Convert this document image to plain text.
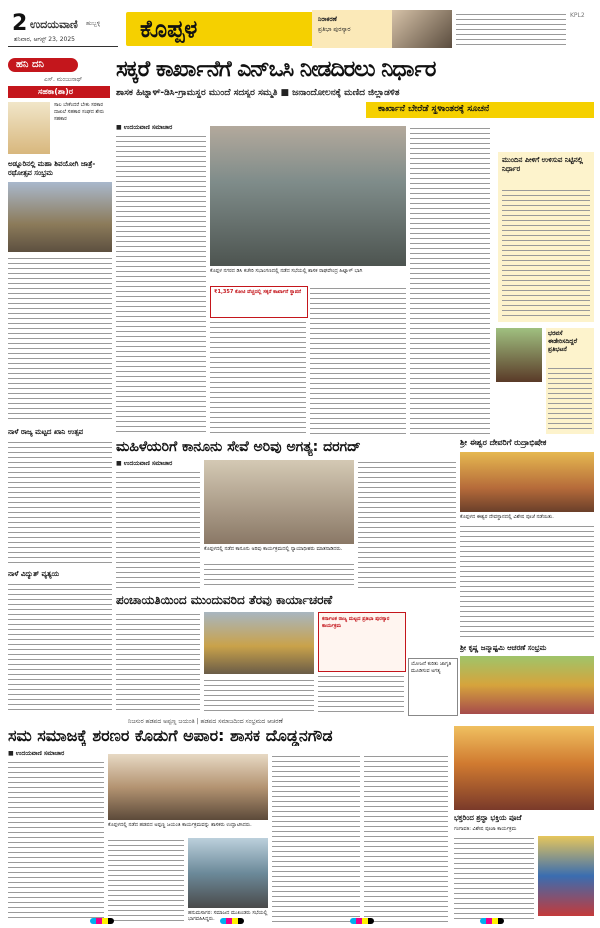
2 ಉದಯವಾಣಿ ಹುಬ್ಬಳ್ಳಿ
ಶನಿವಾರ, ಆಗಸ್ಟ್ 23, 2025	ಕೊಪ್ಪಳ	ನಿರಾಕರಣೆ
ಪ್ರತಿಭಾ ಪುರಸ್ಕಾರ
KPL2
ಹನಿ ದನಿ
ಎಸ್. ಮಂಜುನಾಥ್
ಸಹಕಾ(ಶಾ)ರ
ಸಾಲ ಬೇಕೆಂದರೆ ಬೇಕು ಸರಕಾರ ದಾಖಲೆ ಸಹಕಾರ ಸಂಘದ ಶೇರು ಸಹಕಾರ
ಅಡ್ನೂರಿನಲ್ಲಿ ಮಹಾ ಶಿವಯೋಗಿ ಜಾತ್ರೆ-ರಥೋತ್ಸವ ಸಂಭ್ರಮ
ನಾಳೆ ರಾಜ್ಯ ಮಟ್ಟದ ಖಾನಿ ಉತ್ಸವ
ನಾಳೆ ವಿದ್ಯುತ್ ವ್ಯತ್ಯಯ
ಸಕ್ಕರೆ ಕಾರ್ಖಾನೆಗೆ ಎನ್‌ಒಸಿ ನೀಡದಿರಲು ನಿರ್ಧಾರ
ಶಾಸಕ ಹಿಟ್ನಾಳ್-ಡಿಸಿ-ಗ್ರಾಮಸ್ಥರ ಮುಂದೆ ಸದಸ್ಯರ ಸಮ್ಮತಿ ■ ಜನಾಂದೋಲನಕ್ಕೆ ಮಣಿದ ಜಿಲ್ಲಾಡಳಿತ
ಕಾರ್ಖಾನೆ ಬೇರೆಡೆ ಸ್ಥಳಾಂತರಕ್ಕೆ ಸೂಚನೆ
■ ಉದಯವಾಣಿ ಸಮಾಚಾರ
ಕೊಪ್ಪಳ ನಗರದ ಡಿಸಿ ಕಚೇರಿ ಸಭಾಂಗಣದಲ್ಲಿ ನಡೆದ ಸಭೆಯಲ್ಲಿ ಶಾಸಕ ರಾಘವೇಂದ್ರ ಹಿಟ್ನಾಳ್ ಭಾಗಿ
₹1,357 ಕೋಟಿ ವೆಚ್ಚದಲ್ಲಿ ಸಕ್ಕರೆ ಕಾರ್ಖಾನೆ ಸ್ಥಾಪನೆ
ಮುಂದಿನ ಪೀಳಿಗೆ ಉಳಿಸುವ ನಿಟ್ಟಿನಲ್ಲಿ ನಿರ್ಧಾರ
ಭರವಸೆ ಈಡೇರಿಸದಿದ್ದರೆ ಪ್ರತಿಭಟನೆ
ಮಹಿಳೆಯರಿಗೆ ಕಾನೂನು ಸೇವೆ ಅರಿವು ಅಗತ್ಯ: ದರಗದ್
■ ಉದಯವಾಣಿ ಸಮಾಚಾರ
ಕೊಪ್ಪಳದಲ್ಲಿ ನಡೆದ ಕಾನೂನು ಅರಿವು ಕಾರ್ಯಕ್ರಮದಲ್ಲಿ ನ್ಯಾಯಾಧೀಶರು ಮಾತನಾಡಿದರು.
ಪಂಚಾಯತಿಯಿಂದ ಮುಂದುವರಿದ ತೆರವು ಕಾರ್ಯಾಚರಣೆ
ಕರ್ನಾಟಕ ರಾಜ್ಯ ಮಟ್ಟದ ಪ್ರತಿಭಾ ಪುರಸ್ಕಾರ ಕಾರ್ಯಕ್ರಮ
ಯೋಜನೆ ಕುರಿತು ಜಾಗೃತಿ ಮೂಡಿಸುವ ಅಗತ್ಯ
ಶ್ರೀ ಈಶ್ವರ ದೇವರಿಗೆ ರುದ್ರಾಭಿಷೇಕ
ಕೊಪ್ಪಳದ ಈಶ್ವರ ದೇವಸ್ಥಾನದಲ್ಲಿ ವಿಶೇಷ ಪೂಜೆ ನಡೆಯಿತು.
ಶ್ರೀ ಕೃಷ್ಣ ಜನ್ಮಾಷ್ಟಮಿ ಆಚರಣೆ ಸಂಭ್ರಮ
ನಿಜಸುರ ಹಡಪದ ಅಪ್ಪಣ್ಣ ಜಯಂತಿ | ಹಡಪದ ಸಮಾಜದಿಂದ ಸಂಭ್ರಮದ ಆಚರಣೆ
ಸಮ ಸಮಾಜಕ್ಕೆ ಶರಣರ ಕೊಡುಗೆ ಅಪಾರ: ಶಾಸಕ ದೊಡ್ಡನಗೌಡ
■ ಉದಯವಾಣಿ ಸಮಾಚಾರ
ಕೊಪ್ಪಳದಲ್ಲಿ ನಡೆದ ಹಡಪದ ಅಪ್ಪಣ್ಣ ಜಯಂತಿ ಕಾರ್ಯಕ್ರಮವನ್ನು ಶಾಸಕರು ಉದ್ಘಾಟಿಸಿದರು.
ಹನುಮಸಾಗರ: ಸಮಾಜದ ಮುಖಂಡರು ಸಭೆಯಲ್ಲಿ ಭಾಗವಹಿಸಿದ್ದರು.
ಭಕ್ತರಿಂದ ಶ್ರದ್ಧಾ ಭಕ್ತಿಯ ಪೂಜೆ
ಗಂಗಾವತಿ: ವಿಶೇಷ ಪೂಜಾ ಕಾರ್ಯಕ್ರಮ
